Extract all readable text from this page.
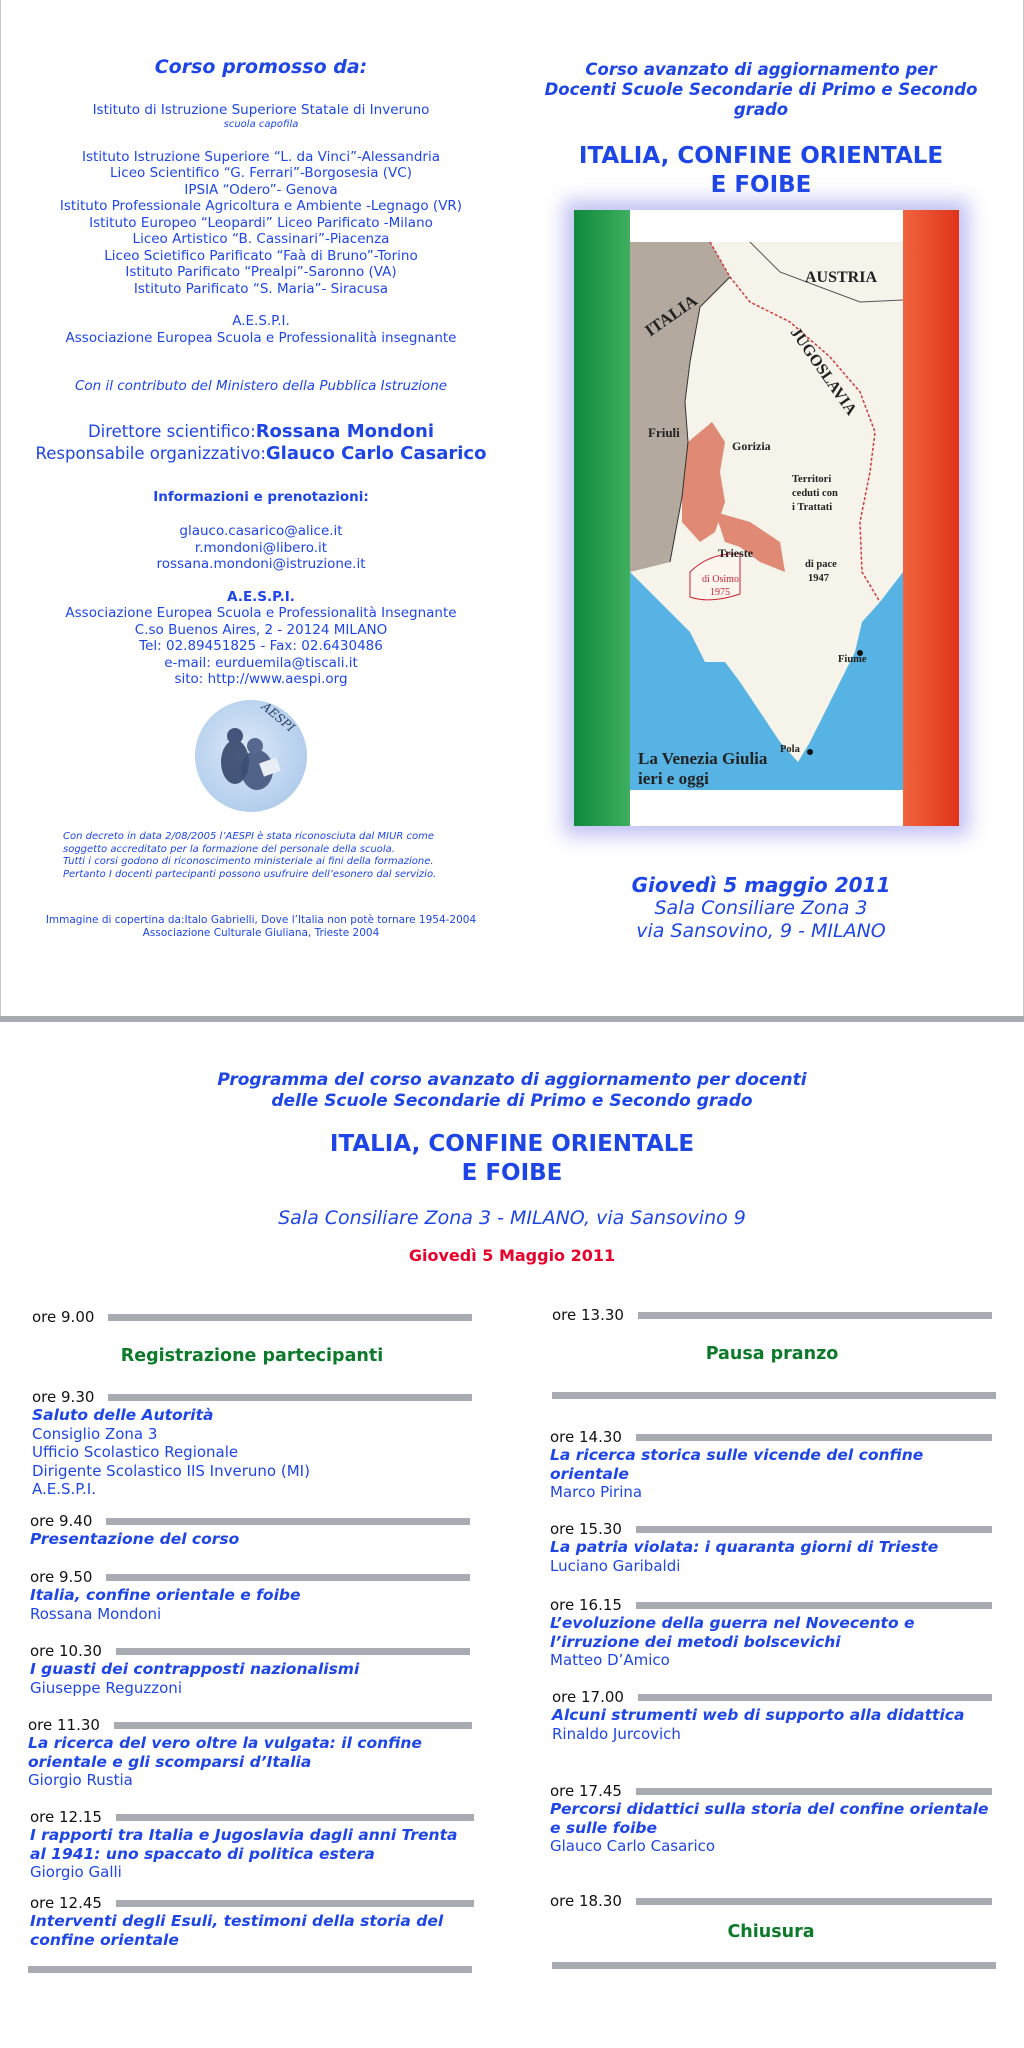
Corso promosso da:
Istituto di Istruzione Superiore Statale di Inveruno
scuola capofila
Istituto Istruzione Superiore “L. da Vinci”-Alessandria
Liceo Scientifico “G. Ferrari”-Borgosesia (VC)
IPSIA “Odero”- Genova
Istituto Professionale Agricoltura e Ambiente -Legnago (VR)
Istituto Europeo “Leopardi” Liceo Parificato -Milano
Liceo Artistico “B. Cassinari”-Piacenza
Liceo Scietifico Parificato “Faà di Bruno”-Torino
Istituto Parificato “Prealpi”-Saronno (VA)
Istituto Parificato “S. Maria”- Siracusa
A.E.S.P.I.
Associazione Europea Scuola e Professionalità insegnante
Con il contributo del Ministero della Pubblica Istruzione
Direttore scientifico:Rossana Mondoni
Responsabile organizzativo:Glauco Carlo Casarico
Informazioni e prenotazioni:
glauco.casarico@alice.it
r.mondoni@libero.it
rossana.mondoni@istruzione.it
A.E.S.P.I.
Associazione Europea Scuola e Professionalità Insegnante
C.so Buenos Aires, 2 - 20124 MILANO
Tel: 02.89451825 - Fax: 02.6430486
e-mail: eurduemila@tiscali.it
sito: http://www.aespi.org
AESPI
Con decreto in data 2/08/2005 l’AESPI è stata riconosciuta dal MIUR come
soggetto accreditato per la formazione del personale della scuola.
Tutti i corsi godono di riconoscimento ministeriale ai fini della formazione.
Pertanto I docenti partecipanti possono usufruire dell’esonero dal servizio.
Immagine di copertina da:Italo Gabrielli, Dove l’Italia non potè tornare 1954-2004
Associazione Culturale Giuliana, Trieste 2004
Corso avanzato di aggiornamento per
Docenti Scuole Secondarie di Primo e Secondo grado
ITALIA, CONFINE ORIENTALE
E FOIBE
AUSTRIA
ITALIA
JUGOSLAVIA
Friuli
Gorizia
Trieste
Territori
ceduti con
i Trattati
di pace
1947
di Osimo
1975
Fiume
Pola
La Venezia Giulia
ieri e oggi
Giovedì 5 maggio 2011
Sala Consiliare Zona 3
via Sansovino, 9 - MILANO
Programma del corso avanzato di aggiornamento per docenti
delle Scuole Secondarie di Primo e Secondo grado
ITALIA, CONFINE ORIENTALE
E FOIBE
Sala Consiliare Zona 3 - MILANO, via Sansovino 9
Giovedì 5 Maggio 2011
ore 9.00
Registrazione partecipanti
ore 9.30
Saluto delle Autorità
Consiglio Zona 3
Ufficio Scolastico Regionale
Dirigente Scolastico IIS Inveruno (MI)
A.E.S.P.I.
ore 9.40
Presentazione del corso
ore 9.50
Italia, confine orientale e foibe
Rossana Mondoni
ore 10.30
I guasti dei contrapposti nazionalismi
Giuseppe Reguzzoni
ore 11.30
La ricerca del vero oltre la vulgata: il confine orientale e gli scomparsi d’Italia
Giorgio Rustia
ore 12.15
I rapporti tra Italia e Jugoslavia dagli anni Trenta al 1941: uno spaccato di politica estera
Giorgio Galli
ore 12.45
Interventi degli Esuli, testimoni della storia del confine orientale
ore 13.30
Pausa pranzo
ore 14.30
La ricerca storica sulle vicende del confine orientale
Marco Pirina
ore 15.30
La patria violata: i quaranta giorni di Trieste
Luciano Garibaldi
ore 16.15
L’evoluzione della guerra nel Novecento e l’irruzione dei metodi bolscevichi
Matteo D’Amico
ore 17.00
Alcuni strumenti web di supporto alla didattica
Rinaldo Jurcovich
ore 17.45
Percorsi didattici sulla storia del confine orientale e sulle foibe
Glauco Carlo Casarico
ore 18.30
Chiusura
